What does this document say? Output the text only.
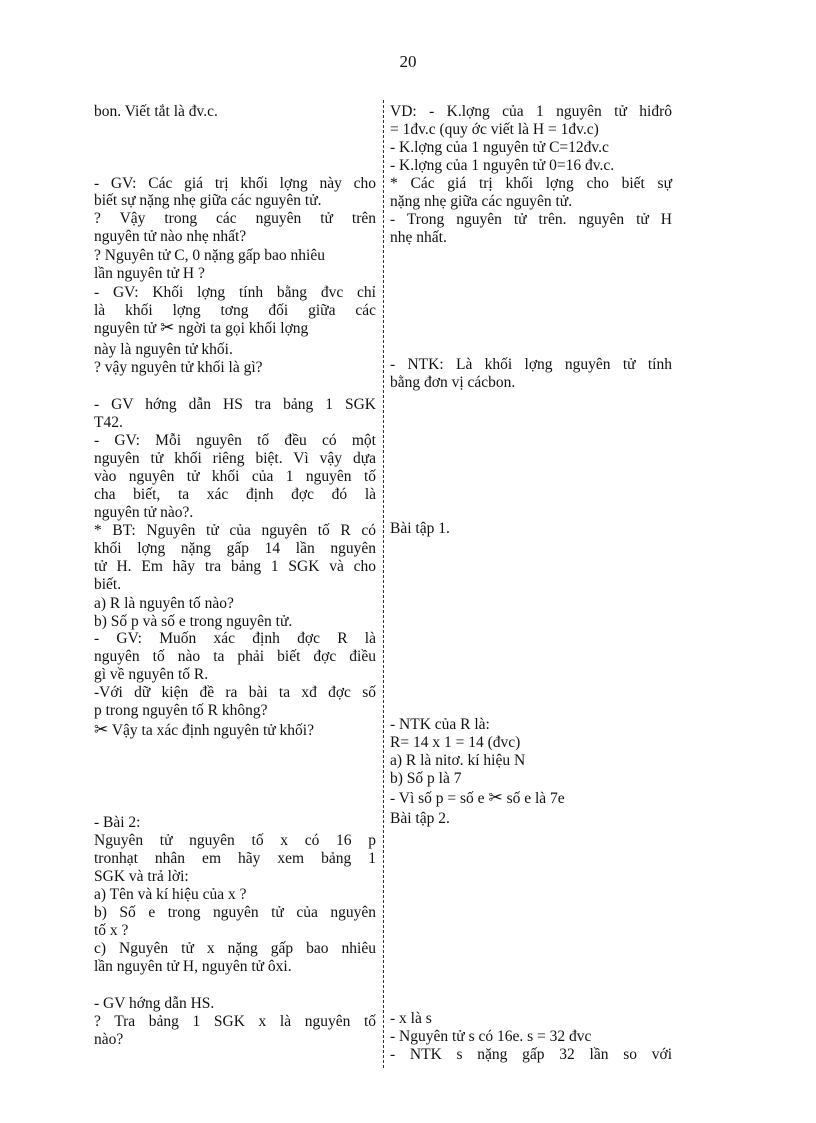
20
bon. Viết tắt là đv.c.
- GV: Các giá trị khối lợng này cho
biết sự nặng nhẹ giữa các nguyên tử.
? Vậy trong các nguyên tử trên
nguyên tử nào nhẹ nhất?
? Nguyên tử C, 0 nặng gấp bao nhiêu
lần nguyên tử H ?
- GV: Khối lợng tính bằng đvc chỉ
là khối lợng tơng đối giữa các
nguyên tử ✂ ngời ta gọi khối lợng
này là nguyên tử khối.
? vậy nguyên tử khối là gì?
- GV hớng dẫn HS tra bảng 1 SGK
T42.
- GV: Mỗi nguyên tố đều có một
nguyên tử khối riêng biệt. Vì vậy dựa
vào nguyên tử khối của 1 nguyên tố
cha biết, ta xác định đợc đó là
nguyên tử nào?.
* BT: Nguyên tử của nguyên tố R có
khối lợng nặng gấp 14 lần nguyên
tử H. Em hãy tra bảng 1 SGK và cho
biết.
a) R là nguyên tố nào?
b) Số p và số e trong nguyên tử.
- GV: Muốn xác định đợc R là
nguyên tố nào ta phải biết đợc điều
gì về nguyên tố R.
-Với dữ kiện đề ra bài ta xđ đợc số
p trong nguyên tố R không?
✂ Vậy ta xác định nguyên tử khối?
- Bài 2:
Nguyên tử nguyên tố x có 16 p
tronhạt nhân em hãy xem bảng 1
SGK và trả lời:
a) Tên và kí hiệu của x ?
b) Số e trong nguyên tử của nguyên
tố x ?
c) Nguyên tử x nặng gấp bao nhiêu
lần nguyên tử H, nguyên tử ôxi.
- GV hớng dẫn HS.
? Tra bảng 1 SGK x là nguyên tố
nào?
VD: - K.lợng của 1 nguyên tử hiđrô
= 1đv.c (quy ớc viết là H = 1đv.c)
- K.lợng của 1 nguyên tử C=12đv.c
- K.lợng của 1 nguyên tử 0=16 đv.c.
* Các giá trị khối lợng cho biết sự
nặng nhẹ giữa các nguyên tử.
- Trong nguyên tử trên. nguyên tử H
nhẹ nhất.
- NTK: Là khối lợng nguyên tử tính
bằng đơn vị cácbon.
Bài tập 1.
- NTK của R là:
R= 14 x 1 = 14 (đvc)
a) R là nitơ. kí hiệu N
b) Số p là 7
- Vì số p = số e ✂ số e là 7e
Bài tập 2.
- x là s
- Nguyên tử s có 16e. s = 32 đvc
- NTK s nặng gấp 32 lần so với
